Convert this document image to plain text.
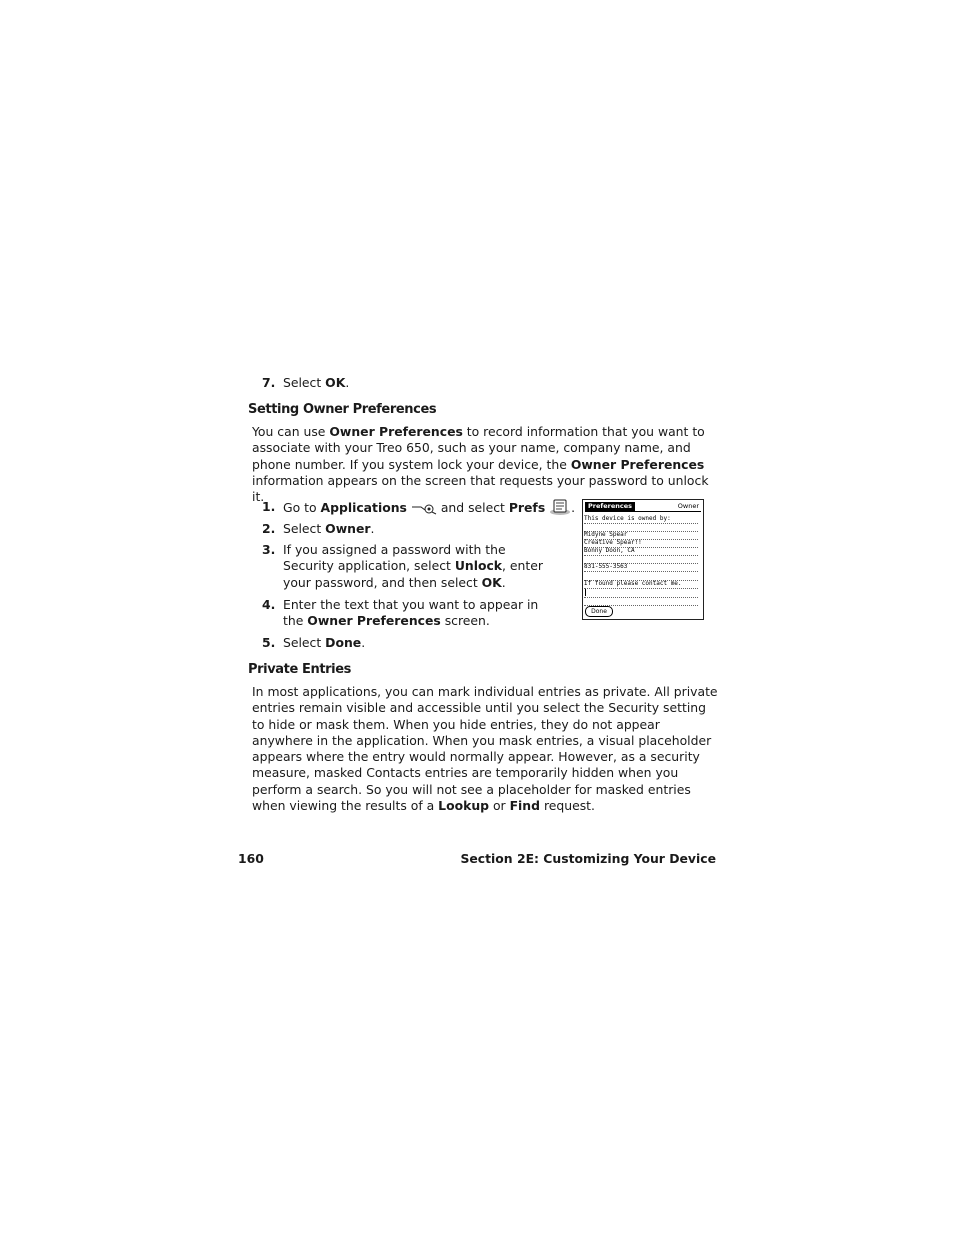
7. Select OK.
Setting Owner Preferences
You can use Owner Preferences to record information that you want to associate with your Treo 650, such as your name, company name, and phone number. If you system lock your device, the Owner Preferences information appears on the screen that requests your password to unlock it.
1. Go to Applications  and select Prefs .
2. Select Owner.
3. If you assigned a password with the Security application, select Unlock, enter your password, and then select OK.
4. Enter the text that you want to appear in the Owner Preferences screen.
5. Select Done.
Preferences	Owner
This device is owned by:
Midyne Spear
Creative Spear!!
Bonny Doon, CA
831-555-3563
If found please contact me.
Done
Private Entries
In most applications, you can mark individual entries as private. All private entries remain visible and accessible until you select the Security setting to hide or mask them. When you hide entries, they do not appear anywhere in the application. When you mask entries, a visual placeholder appears where the entry would normally appear. However, as a security measure, masked Contacts entries are temporarily hidden when you perform a search. So you will not see a placeholder for masked entries when viewing the results of a Lookup or Find request.
160	Section 2E: Customizing Your Device
